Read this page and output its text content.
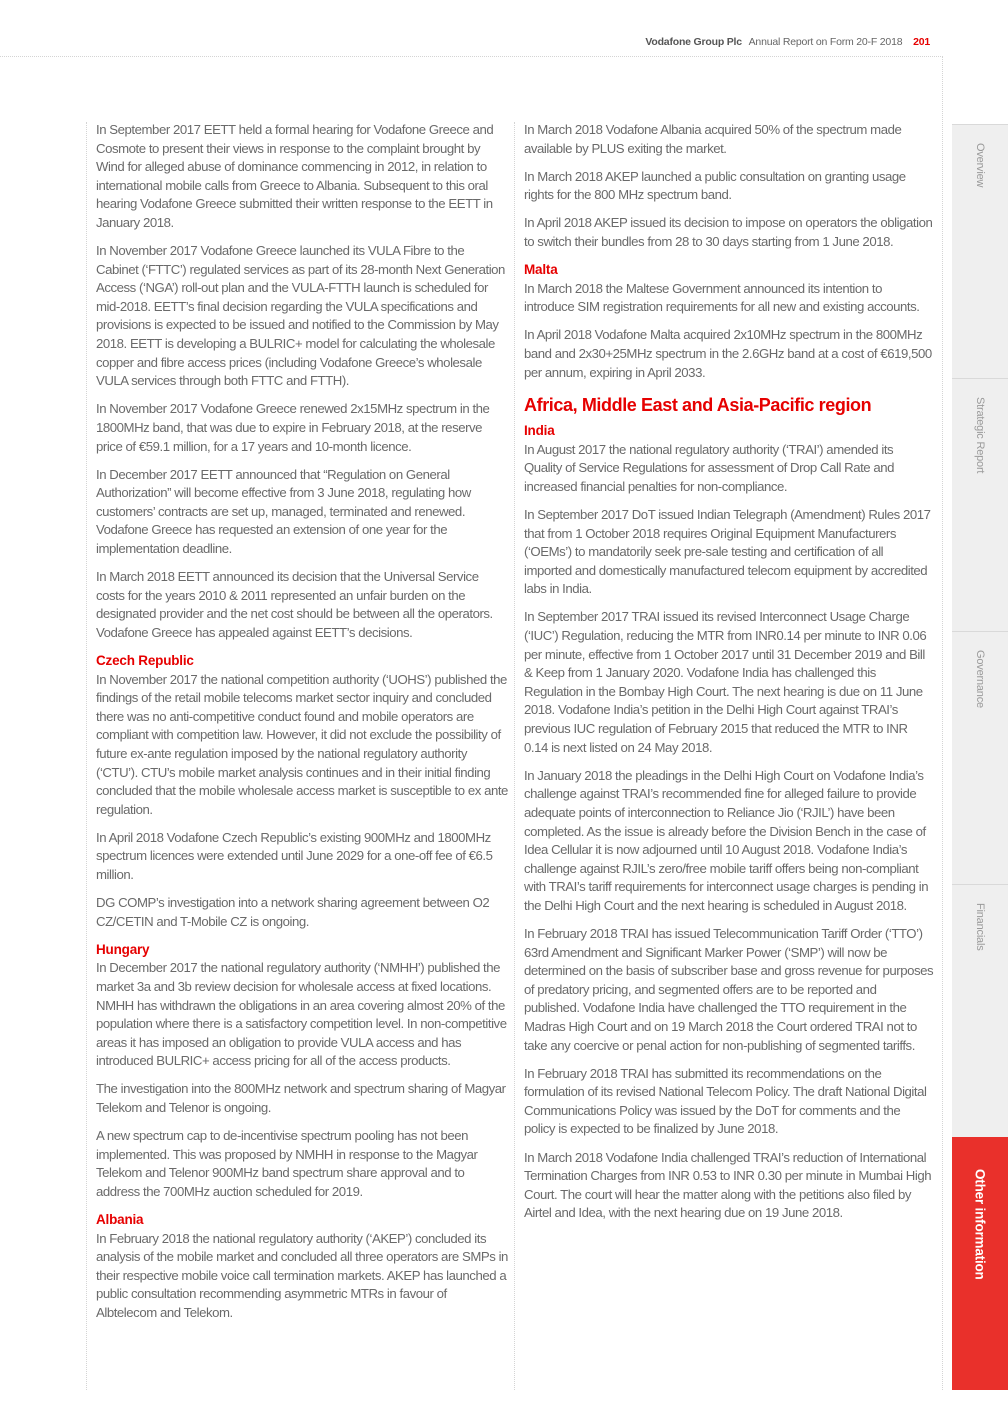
Vodafone Group Plc Annual Report on Form 20-F 2018 201

In September 2017 EETT held a formal hearing for Vodafone Greece and Cosmote to present their views in response to the complaint brought by Wind for alleged abuse of dominance commencing in 2012, in relation to international mobile calls from Greece to Albania. Subsequent to this oral hearing Vodafone Greece submitted their written response to the EETT in January 2018.

In November 2017 Vodafone Greece launched its VULA Fibre to the Cabinet (‘FTTC’) regulated services as part of its 28-month Next Generation Access (‘NGA’) roll-out plan and the VULA-FTTH launch is scheduled for mid-2018. EETT’s final decision regarding the VULA specifications and provisions is expected to be issued and notified to the Commission by May 2018. EETT is developing a BULRIC+ model for calculating the wholesale copper and fibre access prices (including Vodafone Greece’s wholesale VULA services through both FTTC and FTTH).

In November 2017 Vodafone Greece renewed 2x15MHz spectrum in the 1800MHz band, that was due to expire in February 2018, at the reserve price of €59.1 million, for a 17 years and 10-month licence.

In December 2017 EETT announced that “Regulation on General Authorization” will become effective from 3 June 2018, regulating how customers’ contracts are set up, managed, terminated and renewed. Vodafone Greece has requested an extension of one year for the implementation deadline.

In March 2018 EETT announced its decision that the Universal Service costs for the years 2010 & 2011 represented an unfair burden on the designated provider and the net cost should be between all the operators. Vodafone Greece has appealed against EETT’s decisions.

Czech Republic

In November 2017 the national competition authority (‘UOHS’) published the findings of the retail mobile telecoms market sector inquiry and concluded there was no anti-competitive conduct found and mobile operators are compliant with competition law. However, it did not exclude the possibility of future ex-ante regulation imposed by the national regulatory authority (‘CTU’). CTU’s mobile market analysis continues and in their initial finding concluded that the mobile wholesale access market is susceptible to ex ante regulation.

In April 2018 Vodafone Czech Republic’s existing 900MHz and 1800MHz spectrum licences were extended until June 2029 for a one-off fee of €6.5 million.

DG COMP’s investigation into a network sharing agreement between O2 CZ/CETIN and T-Mobile CZ is ongoing.

Hungary

In December 2017 the national regulatory authority (‘NMHH’) published the market 3a and 3b review decision for wholesale access at fixed locations. NMHH has withdrawn the obligations in an area covering almost 20% of the population where there is a satisfactory competition level. In non-competitive areas it has imposed an obligation to provide VULA access and has introduced BULRIC+ access pricing for all of the access products.

The investigation into the 800MHz network and spectrum sharing of Magyar Telekom and Telenor is ongoing.

A new spectrum cap to de-incentivise spectrum pooling has not been implemented. This was proposed by NMHH in response to the Magyar Telekom and Telenor 900MHz band spectrum share approval and to address the 700MHz auction scheduled for 2019.

Albania

In February 2018 the national regulatory authority (‘AKEP’) concluded its analysis of the mobile market and concluded all three operators are SMPs in their respective mobile voice call termination markets. AKEP has launched a public consultation recommending asymmetric MTRs in favour of Albtelecom and Telekom.

In March 2018 Vodafone Albania acquired 50% of the spectrum made available by PLUS exiting the market.

In March 2018 AKEP launched a public consultation on granting usage rights for the 800 MHz spectrum band.

In April 2018 AKEP issued its decision to impose on operators the obligation to switch their bundles from 28 to 30 days starting from 1 June 2018.

Malta

In March 2018 the Maltese Government announced its intention to introduce SIM registration requirements for all new and existing accounts.

In April 2018 Vodafone Malta acquired 2x10MHz spectrum in the 800MHz band and 2x30+25MHz spectrum in the 2.6GHz band at a cost of €619,500 per annum, expiring in April 2033.

Africa, Middle East and Asia-Pacific region
India

In August 2017 the national regulatory authority (‘TRAI’) amended its Quality of Service Regulations for assessment of Drop Call Rate and increased financial penalties for non-compliance.

In September 2017 DoT issued Indian Telegraph (Amendment) Rules 2017 that from 1 October 2018 requires Original Equipment Manufacturers (‘OEMs’) to mandatorily seek pre-sale testing and certification of all imported and domestically manufactured telecom equipment by accredited labs in India.

In September 2017 TRAI issued its revised Interconnect Usage Charge (‘IUC’) Regulation, reducing the MTR from INR0.14 per minute to INR 0.06 per minute, effective from 1 October 2017 until 31 December 2019 and Bill & Keep from 1 January 2020. Vodafone India has challenged this Regulation in the Bombay High Court. The next hearing is due on 11 June 2018. Vodafone India’s petition in the Delhi High Court against TRAI’s previous IUC regulation of February 2015 that reduced the MTR to INR 0.14 is next listed on 24 May 2018.

In January 2018 the pleadings in the Delhi High Court on Vodafone India’s challenge against TRAI’s recommended fine for alleged failure to provide adequate points of interconnection to Reliance Jio (‘RJIL’) have been completed. As the issue is already before the Division Bench in the case of Idea Cellular it is now adjourned until 10 August 2018. Vodafone India’s challenge against RJIL’s zero/free mobile tariff offers being non-compliant with TRAI’s tariff requirements for interconnect usage charges is pending in the Delhi High Court and the next hearing is scheduled in August 2018.

In February 2018 TRAI has issued Telecommunication Tariff Order (‘TTO’) 63rd Amendment and Significant Marker Power (‘SMP’) will now be determined on the basis of subscriber base and gross revenue for purposes of predatory pricing, and segmented offers are to be reported and published. Vodafone India have challenged the TTO requirement in the Madras High Court and on 19 March 2018 the Court ordered TRAI not to take any coercive or penal action for non-publishing of segmented tariffs.

In February 2018 TRAI has submitted its recommendations on the formulation of its revised National Telecom Policy. The draft National Digital Communications Policy was issued by the DoT for comments and the policy is expected to be finalized by June 2018.

In March 2018 Vodafone India challenged TRAI’s reduction of International Termination Charges from INR 0.53 to INR 0.30 per minute in Mumbai High Court. The court will hear the matter along with the petitions also filed by Airtel and Idea, with the next hearing due on 19 June 2018.

Overview
Strategic Report
Governance
Financials
Other information
